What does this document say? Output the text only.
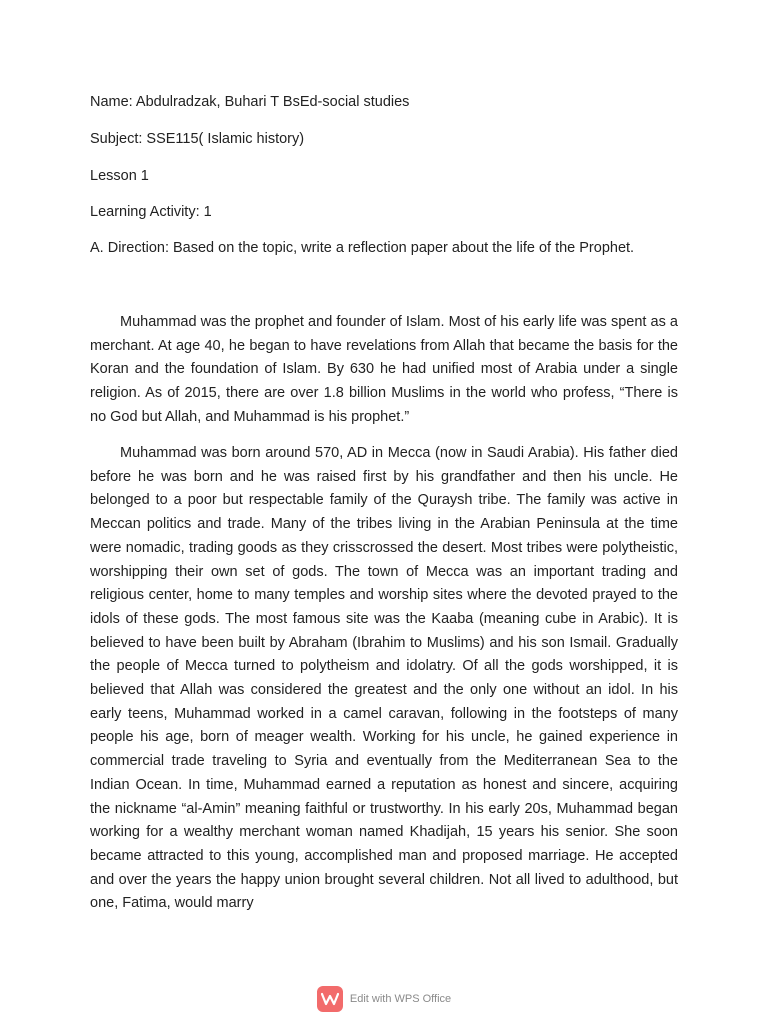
Name: Abdulradzak, Buhari T BsEd-social studies
Subject: SSE115( Islamic history)
Lesson 1
Learning Activity: 1
A. Direction: Based on the topic, write a reflection paper about the life of the Prophet.

Muhammad was the prophet and founder of Islam. Most of his early life was spent as a merchant. At age 40, he began to have revelations from Allah that became the basis for the Koran and the foundation of Islam. By 630 he had unified most of Arabia under a single religion. As of 2015, there are over 1.8 billion Muslims in the world who profess, “There is no God but Allah, and Muhammad is his prophet.”

Muhammad was born around 570, AD in Mecca (now in Saudi Arabia). His father died before he was born and he was raised first by his grandfather and then his uncle. He belonged to a poor but respectable family of the Quraysh tribe. The family was active in Meccan politics and trade. Many of the tribes living in the Arabian Peninsula at the time were nomadic, trading goods as they crisscrossed the desert. Most tribes were polytheistic, worshipping their own set of gods. The town of Mecca was an important trading and religious center, home to many temples and worship sites where the devoted prayed to the idols of these gods. The most famous site was the Kaaba (meaning cube in Arabic). It is believed to have been built by Abraham (Ibrahim to Muslims) and his son Ismail. Gradually the people of Mecca turned to polytheism and idolatry. Of all the gods worshipped, it is believed that Allah was considered the greatest and the only one without an idol. In his early teens, Muhammad worked in a camel caravan, following in the footsteps of many people his age, born of meager wealth. Working for his uncle, he gained experience in commercial trade traveling to Syria and eventually from the Mediterranean Sea to the Indian Ocean. In time, Muhammad earned a reputation as honest and sincere, acquiring the nickname “al-Amin” meaning faithful or trustworthy. In his early 20s, Muhammad began working for a wealthy merchant woman named Khadijah, 15 years his senior. She soon became attracted to this young, accomplished man and proposed marriage. He accepted and over the years the happy union brought several children. Not all lived to adulthood, but one, Fatima, would marry

Edit with WPS Office
